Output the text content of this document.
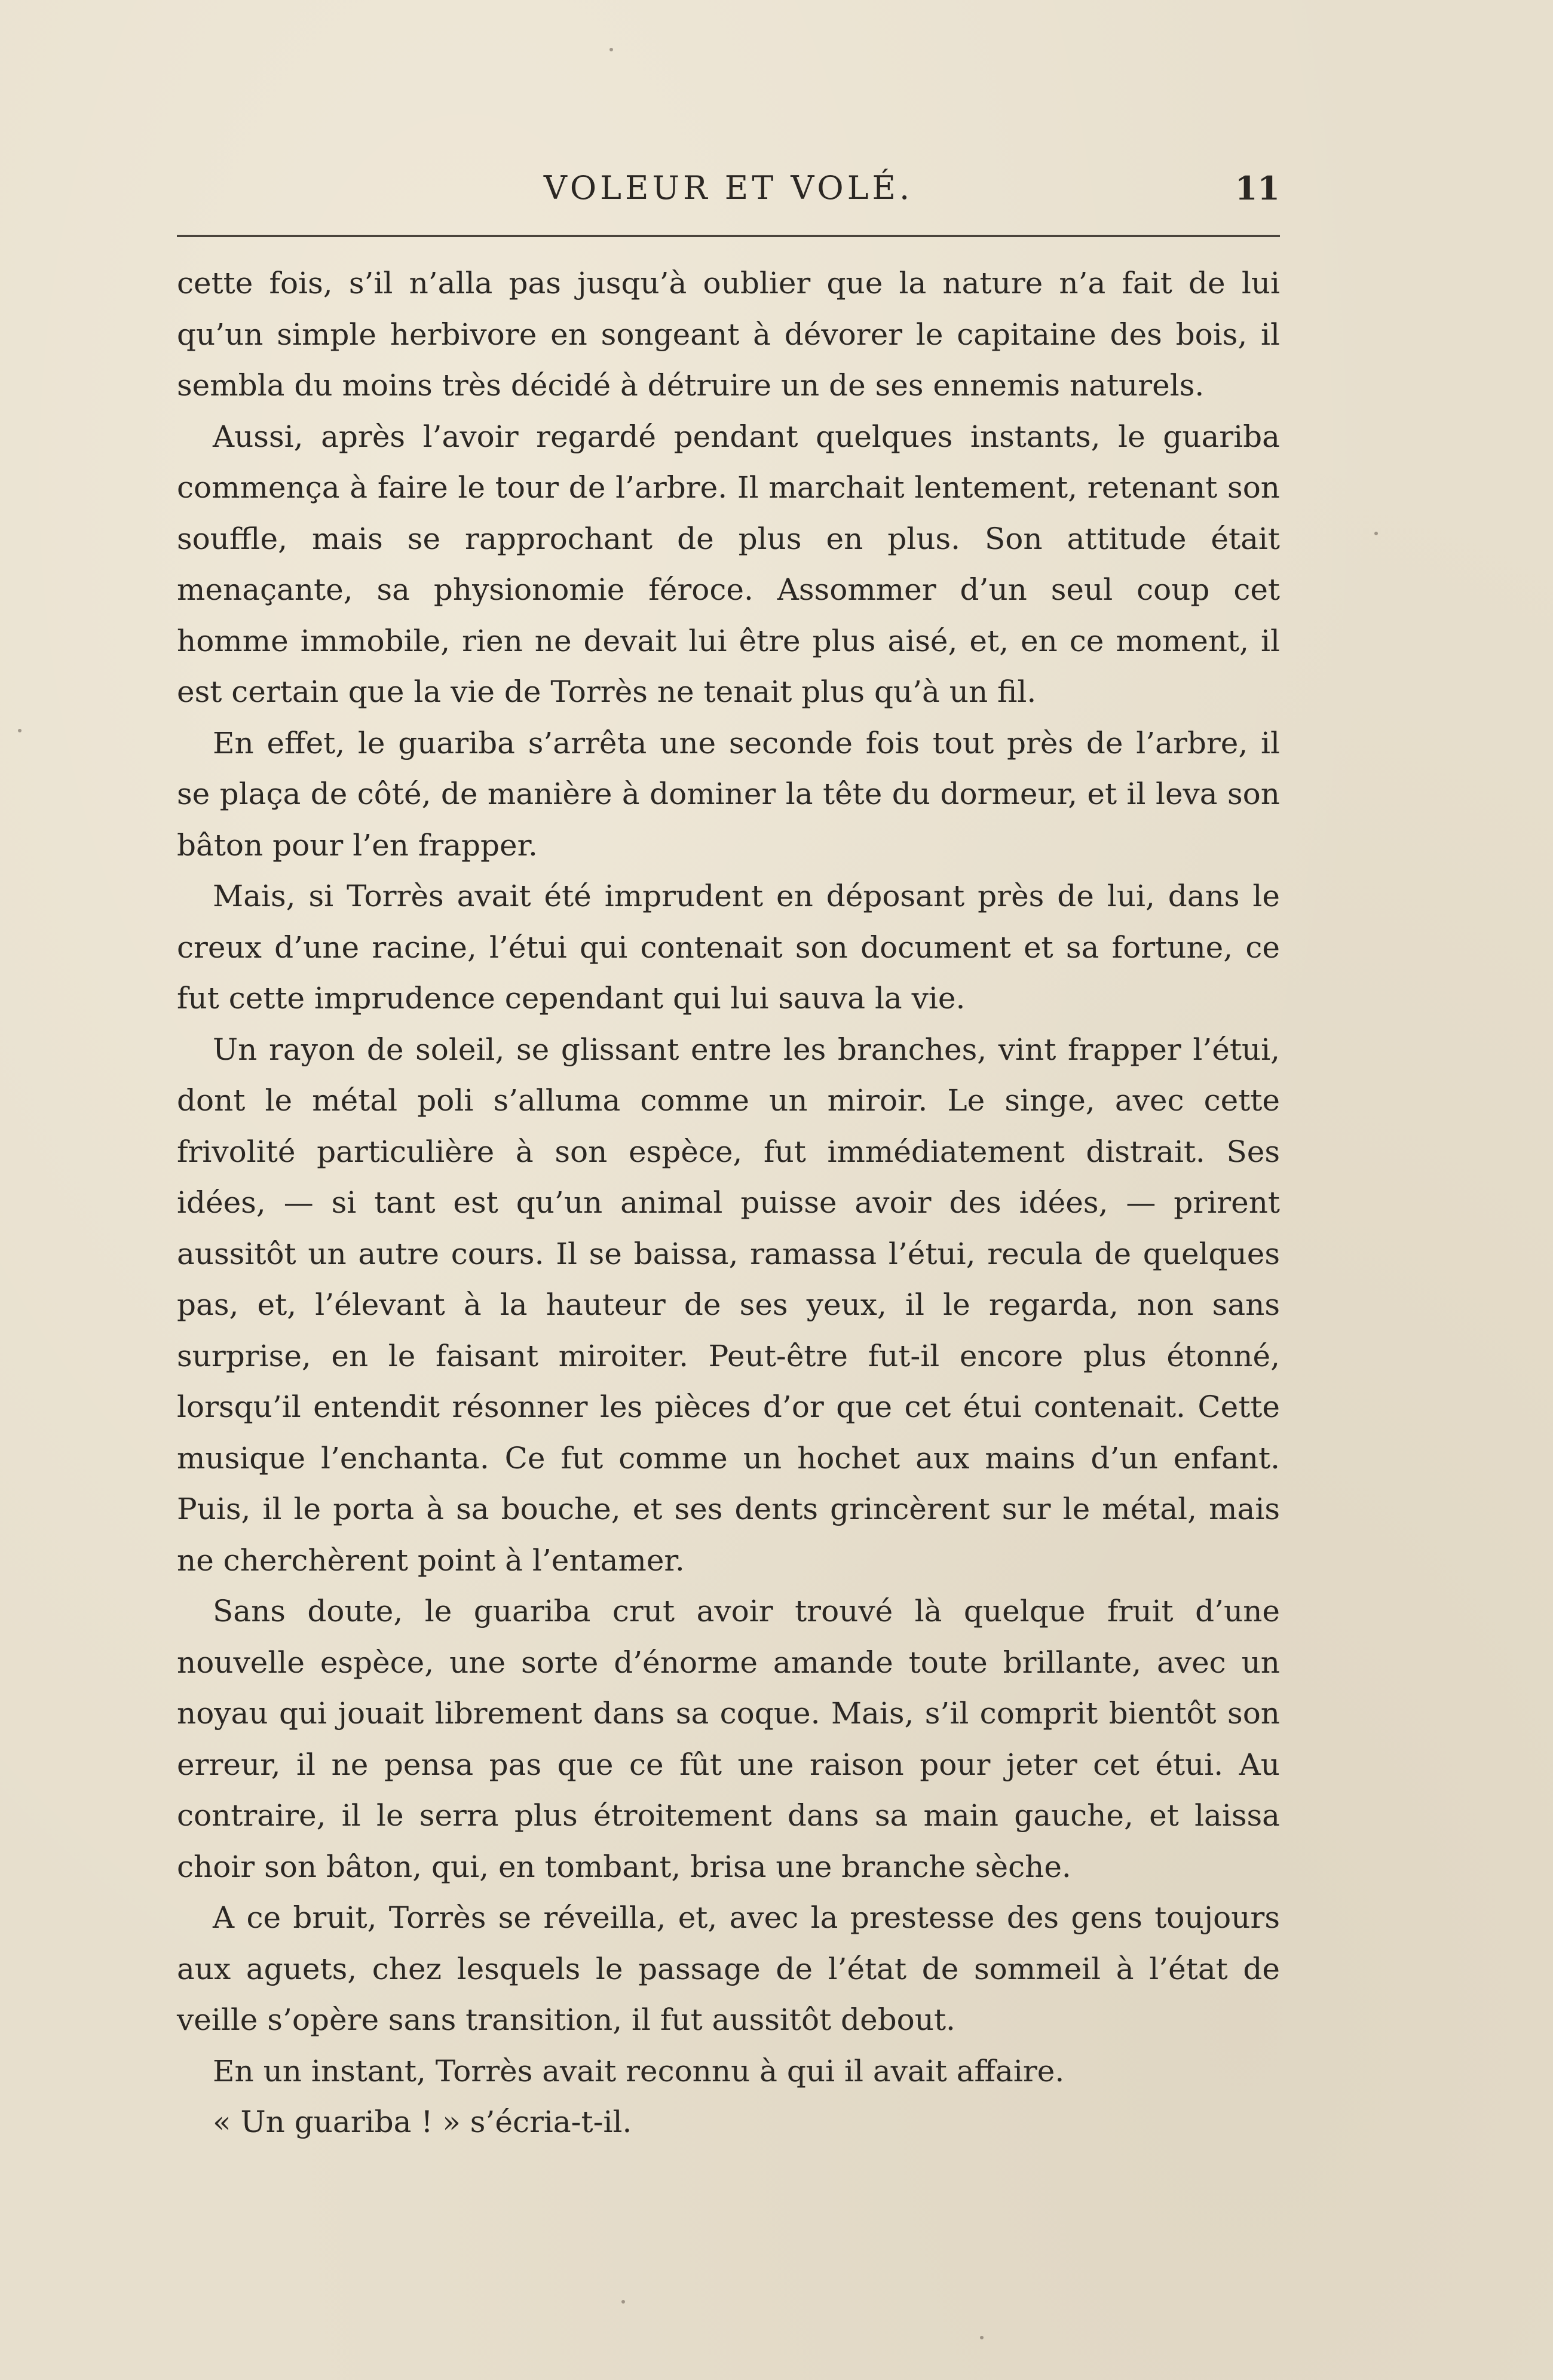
VOLEUR ET VOLÉ.	11

cette fois, s’il n’alla pas jusqu’à oublier que la nature n’a fait de lui qu’un simple herbivore en songeant à dévorer le capitaine des bois, il sembla du moins très décidé à détruire un de ses ennemis naturels.

Aussi, après l’avoir regardé pendant quelques instants, le guariba commença à faire le tour de l’arbre. Il marchait lentement, retenant son souffle, mais se rapprochant de plus en plus. Son attitude était menaçante, sa physionomie féroce. Assommer d’un seul coup cet homme immobile, rien ne devait lui être plus aisé, et, en ce moment, il est certain que la vie de Torrès ne tenait plus qu’à un fil.

En effet, le guariba s’arrêta une seconde fois tout près de l’arbre, il se plaça de côté, de manière à dominer la tête du dormeur, et il leva son bâton pour l’en frapper.

Mais, si Torrès avait été imprudent en déposant près de lui, dans le creux d’une racine, l’étui qui contenait son document et sa fortune, ce fut cette imprudence cependant qui lui sauva la vie.

Un rayon de soleil, se glissant entre les branches, vint frapper l’étui, dont le métal poli s’alluma comme un miroir. Le singe, avec cette frivolité particulière à son espèce, fut immédiatement distrait. Ses idées, — si tant est qu’un animal puisse avoir des idées, — prirent aussitôt un autre cours. Il se baissa, ramassa l’étui, recula de quelques pas, et, l’élevant à la hauteur de ses yeux, il le regarda, non sans surprise, en le faisant miroiter. Peut-être fut-il encore plus étonné, lorsqu’il entendit résonner les pièces d’or que cet étui contenait. Cette musique l’enchanta. Ce fut comme un hochet aux mains d’un enfant. Puis, il le porta à sa bouche, et ses dents grincèrent sur le métal, mais ne cherchèrent point à l’entamer.

Sans doute, le guariba crut avoir trouvé là quelque fruit d’une nouvelle espèce, une sorte d’énorme amande toute brillante, avec un noyau qui jouait librement dans sa coque. Mais, s’il comprit bientôt son erreur, il ne pensa pas que ce fût une raison pour jeter cet étui. Au contraire, il le serra plus étroitement dans sa main gauche, et laissa choir son bâton, qui, en tombant, brisa une branche sèche.

A ce bruit, Torrès se réveilla, et, avec la prestesse des gens toujours aux aguets, chez lesquels le passage de l’état de sommeil à l’état de veille s’opère sans transition, il fut aussitôt debout.

En un instant, Torrès avait reconnu à qui il avait affaire.

« Un guariba ! » s’écria-t-il.
